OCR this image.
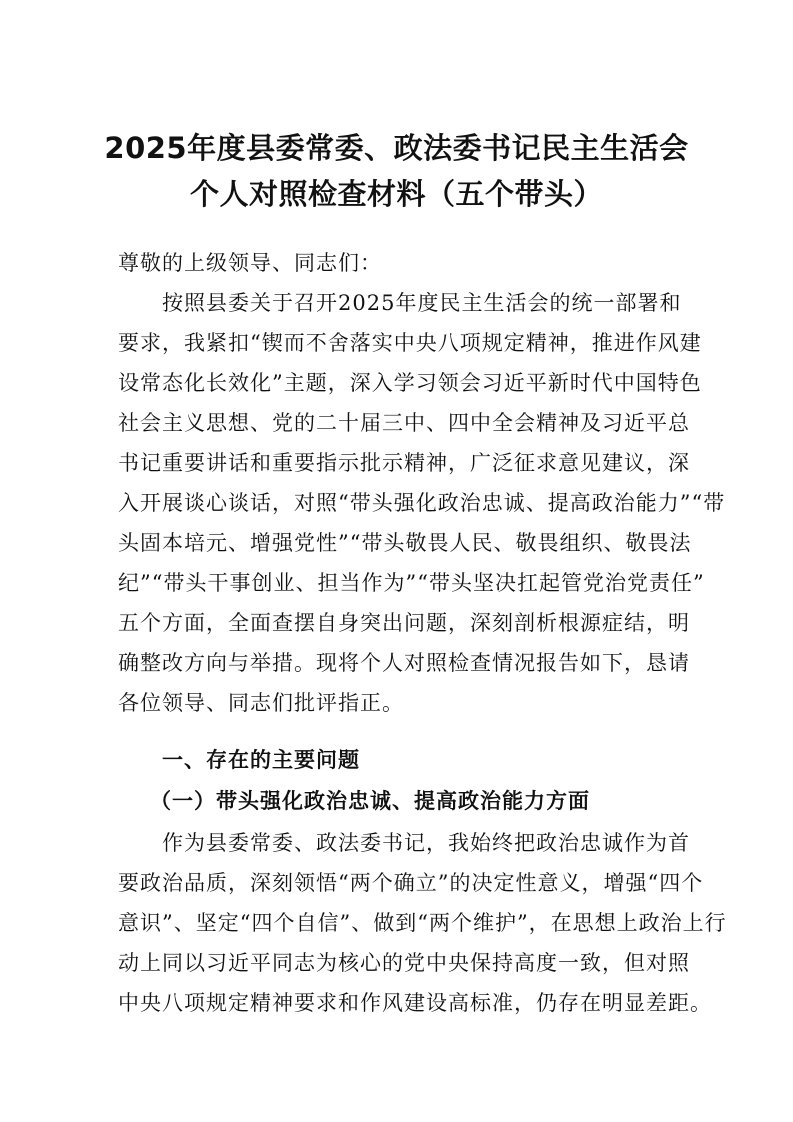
2025年度县委常委、政法委书记民主生活会
个人对照检查材料（五个带头）
尊敬的上级领导、同志们：
按照县委关于召开2025年度民主生活会的统一部署和
要求，我紧扣“锲而不舍落实中央八项规定精神，推进作风建
设常态化长效化”主题，深入学习领会习近平新时代中国特色
社会主义思想、党的二十届三中、四中全会精神及习近平总
书记重要讲话和重要指示批示精神，广泛征求意见建议，深
入开展谈心谈话，对照“带头强化政治忠诚、提高政治能力”“带
头固本培元、增强党性”“带头敬畏人民、敬畏组织、敬畏法
纪”“带头干事创业、担当作为”“带头坚决扛起管党治党责任”
五个方面，全面查摆自身突出问题，深刻剖析根源症结，明
确整改方向与举措。现将个人对照检查情况报告如下，恳请
各位领导、同志们批评指正。
一、存在的主要问题
（一）带头强化政治忠诚、提高政治能力方面
作为县委常委、政法委书记，我始终把政治忠诚作为首
要政治品质，深刻领悟“两个确立”的决定性意义，增强“四个
意识”、坚定“四个自信”、做到“两个维护”，在思想上政治上行
动上同以习近平同志为核心的党中央保持高度一致，但对照
中央八项规定精神要求和作风建设高标准，仍存在明显差距。
